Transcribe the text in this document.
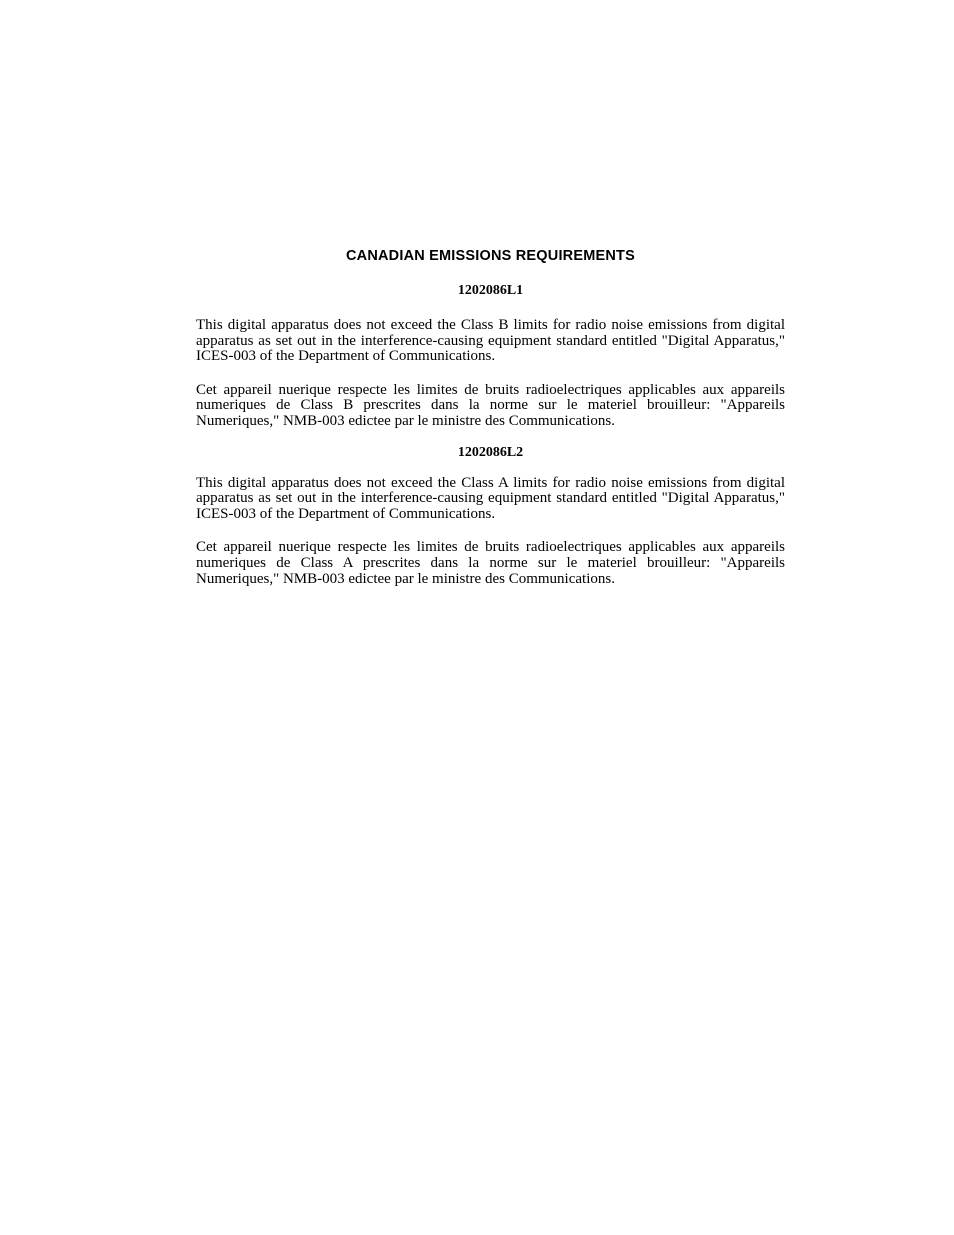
CANADIAN EMISSIONS REQUIREMENTS

1202086L1

This digital apparatus does not exceed the Class B limits for radio noise emissions from digital apparatus as set out in the interference-causing equipment standard entitled "Digital Apparatus," ICES-003 of the Department of Communications.

Cet appareil nuerique respecte les limites de bruits radioelectriques applicables aux appareils numeriques de Class B prescrites dans la norme sur le materiel brouilleur: "Appareils Numeriques," NMB-003 edictee par le ministre des Communications.

1202086L2

This digital apparatus does not exceed the Class A limits for radio noise emissions from digital apparatus as set out in the interference-causing equipment standard entitled "Digital Apparatus," ICES-003 of the Department of Communications.

Cet appareil nuerique respecte les limites de bruits radioelectriques applicables aux appareils numeriques de Class A prescrites dans la norme sur le materiel brouilleur: "Appareils Numeriques," NMB-003 edictee par le ministre des Communications.
